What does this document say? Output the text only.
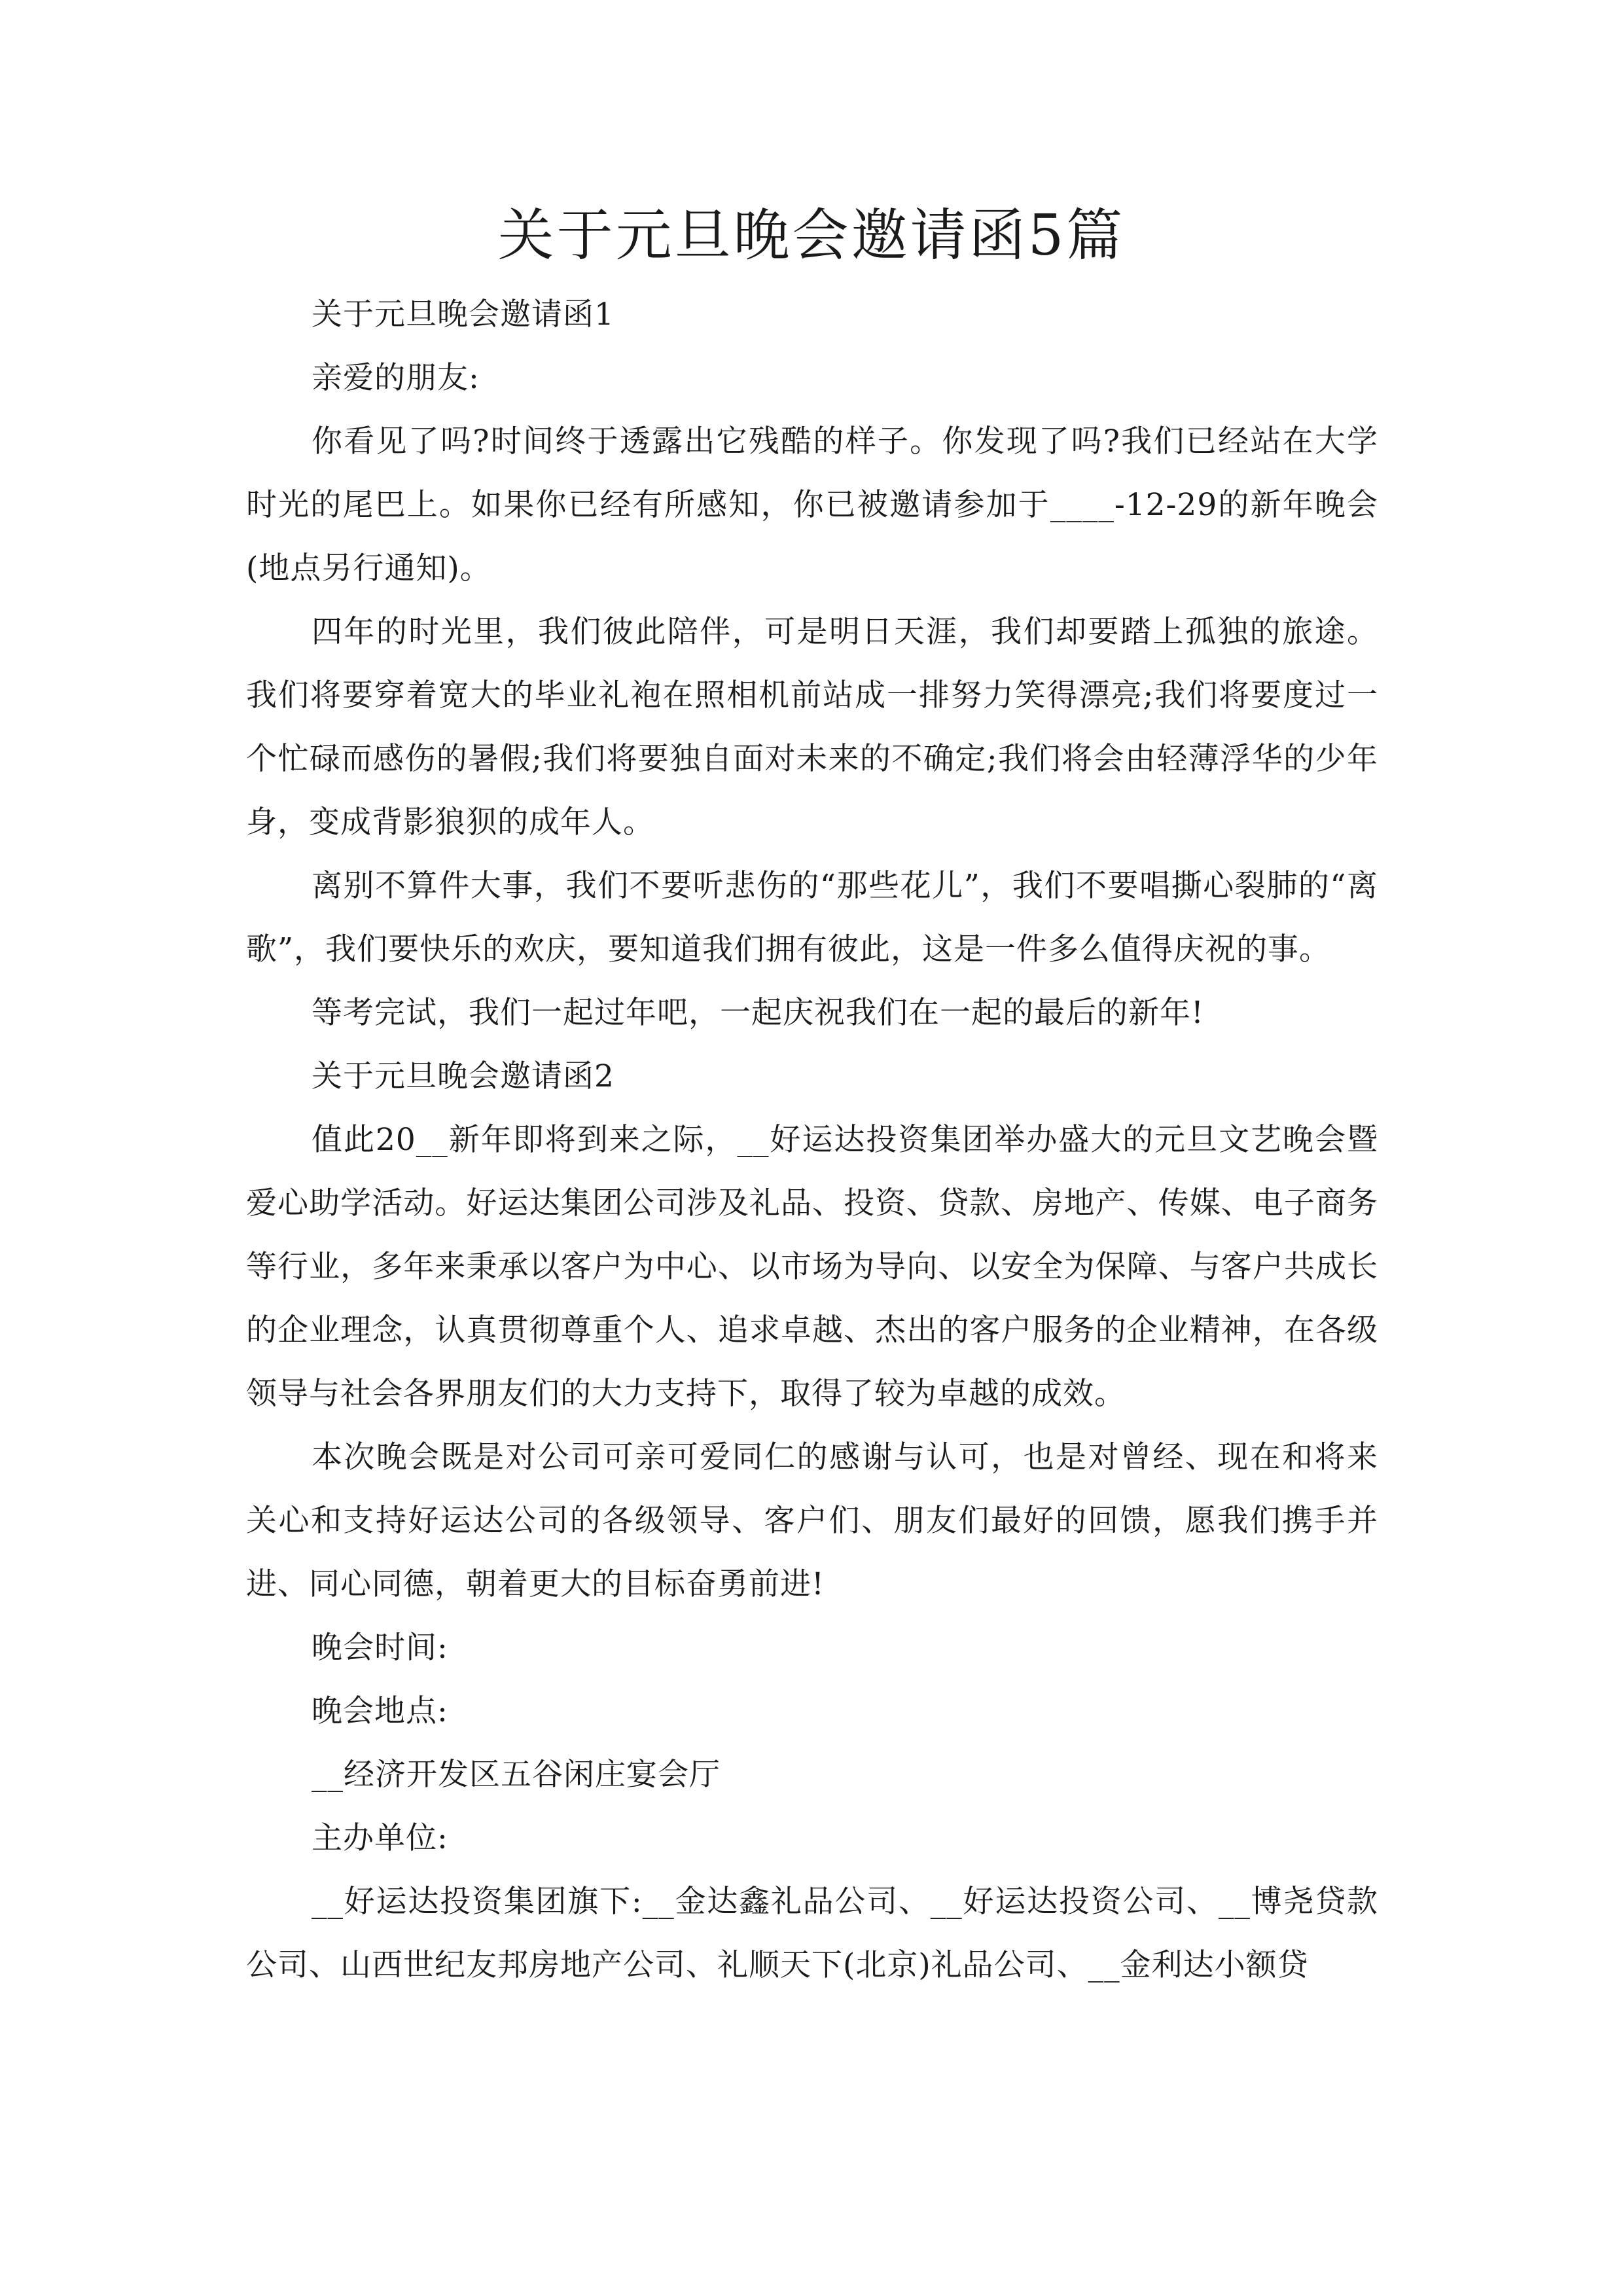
关于元旦晚会邀请函5篇

关于元旦晚会邀请函1

亲爱的朋友:

你看见了吗?时间终于透露出它残酷的样子。你发现了吗?我们已经站在大学时光的尾巴上。如果你已经有所感知，你已被邀请参加于____-12-29的新年晚会(地点另行通知)。

四年的时光里，我们彼此陪伴，可是明日天涯，我们却要踏上孤独的旅途。我们将要穿着宽大的毕业礼袍在照相机前站成一排努力笑得漂亮;我们将要度过一个忙碌而感伤的暑假;我们将要独自面对未来的不确定;我们将会由轻薄浮华的少年身，变成背影狼狈的成年人。

离别不算件大事，我们不要听悲伤的“那些花儿”，我们不要唱撕心裂肺的“离歌”，我们要快乐的欢庆，要知道我们拥有彼此，这是一件多么值得庆祝的事。

等考完试，我们一起过年吧，一起庆祝我们在一起的最后的新年!

关于元旦晚会邀请函2

值此20__新年即将到来之际，__好运达投资集团举办盛大的元旦文艺晚会暨爱心助学活动。好运达集团公司涉及礼品、投资、贷款、房地产、传媒、电子商务等行业，多年来秉承以客户为中心、以市场为导向、以安全为保障、与客户共成长的企业理念，认真贯彻尊重个人、追求卓越、杰出的客户服务的企业精神，在各级领导与社会各界朋友们的大力支持下，取得了较为卓越的成效。

本次晚会既是对公司可亲可爱同仁的感谢与认可，也是对曾经、现在和将来关心和支持好运达公司的各级领导、客户们、朋友们最好的回馈，愿我们携手并进、同心同德，朝着更大的目标奋勇前进!

晚会时间:

晚会地点:

__经济开发区五谷闲庄宴会厅

主办单位:

__好运达投资集团旗下:__金达鑫礼品公司、__好运达投资公司、__博尧贷款公司、山西世纪友邦房地产公司、礼顺天下(北京)礼品公司、__金利达小额贷
